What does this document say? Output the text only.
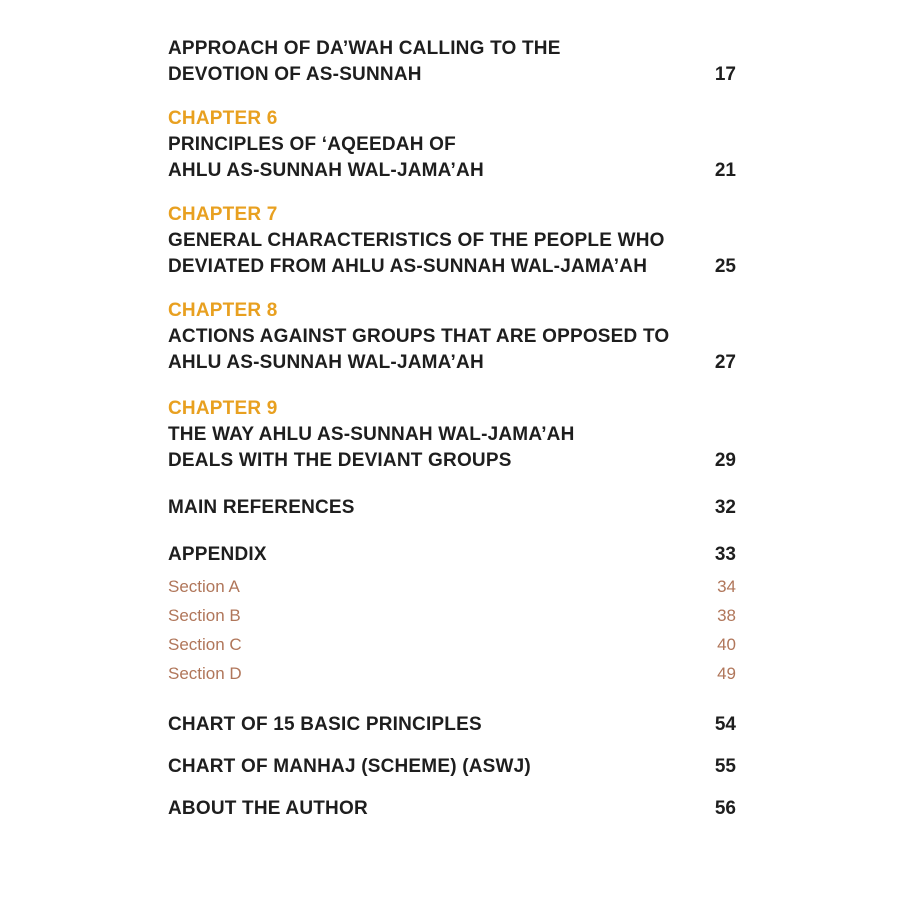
APPROACH OF DA’WAH CALLING TO THE
DEVOTION OF AS-SUNNAH	17
CHAPTER 6
PRINCIPLES OF ‘AQEEDAH OF
AHLU AS-SUNNAH WAL-JAMA’AH	21
CHAPTER 7
GENERAL CHARACTERISTICS OF THE PEOPLE WHO
DEVIATED FROM AHLU AS-SUNNAH WAL-JAMA’AH	25
CHAPTER 8
ACTIONS AGAINST GROUPS THAT ARE OPPOSED TO
AHLU AS-SUNNAH WAL-JAMA’AH	27
CHAPTER 9
THE WAY AHLU AS-SUNNAH WAL-JAMA’AH
DEALS WITH THE DEVIANT GROUPS	29
MAIN REFERENCES	32
APPENDIX	33
Section A	34
Section B	38
Section C	40
Section D	49
CHART OF 15 BASIC PRINCIPLES	54
CHART OF MANHAJ (SCHEME) (ASWJ)	55
ABOUT THE AUTHOR	56
